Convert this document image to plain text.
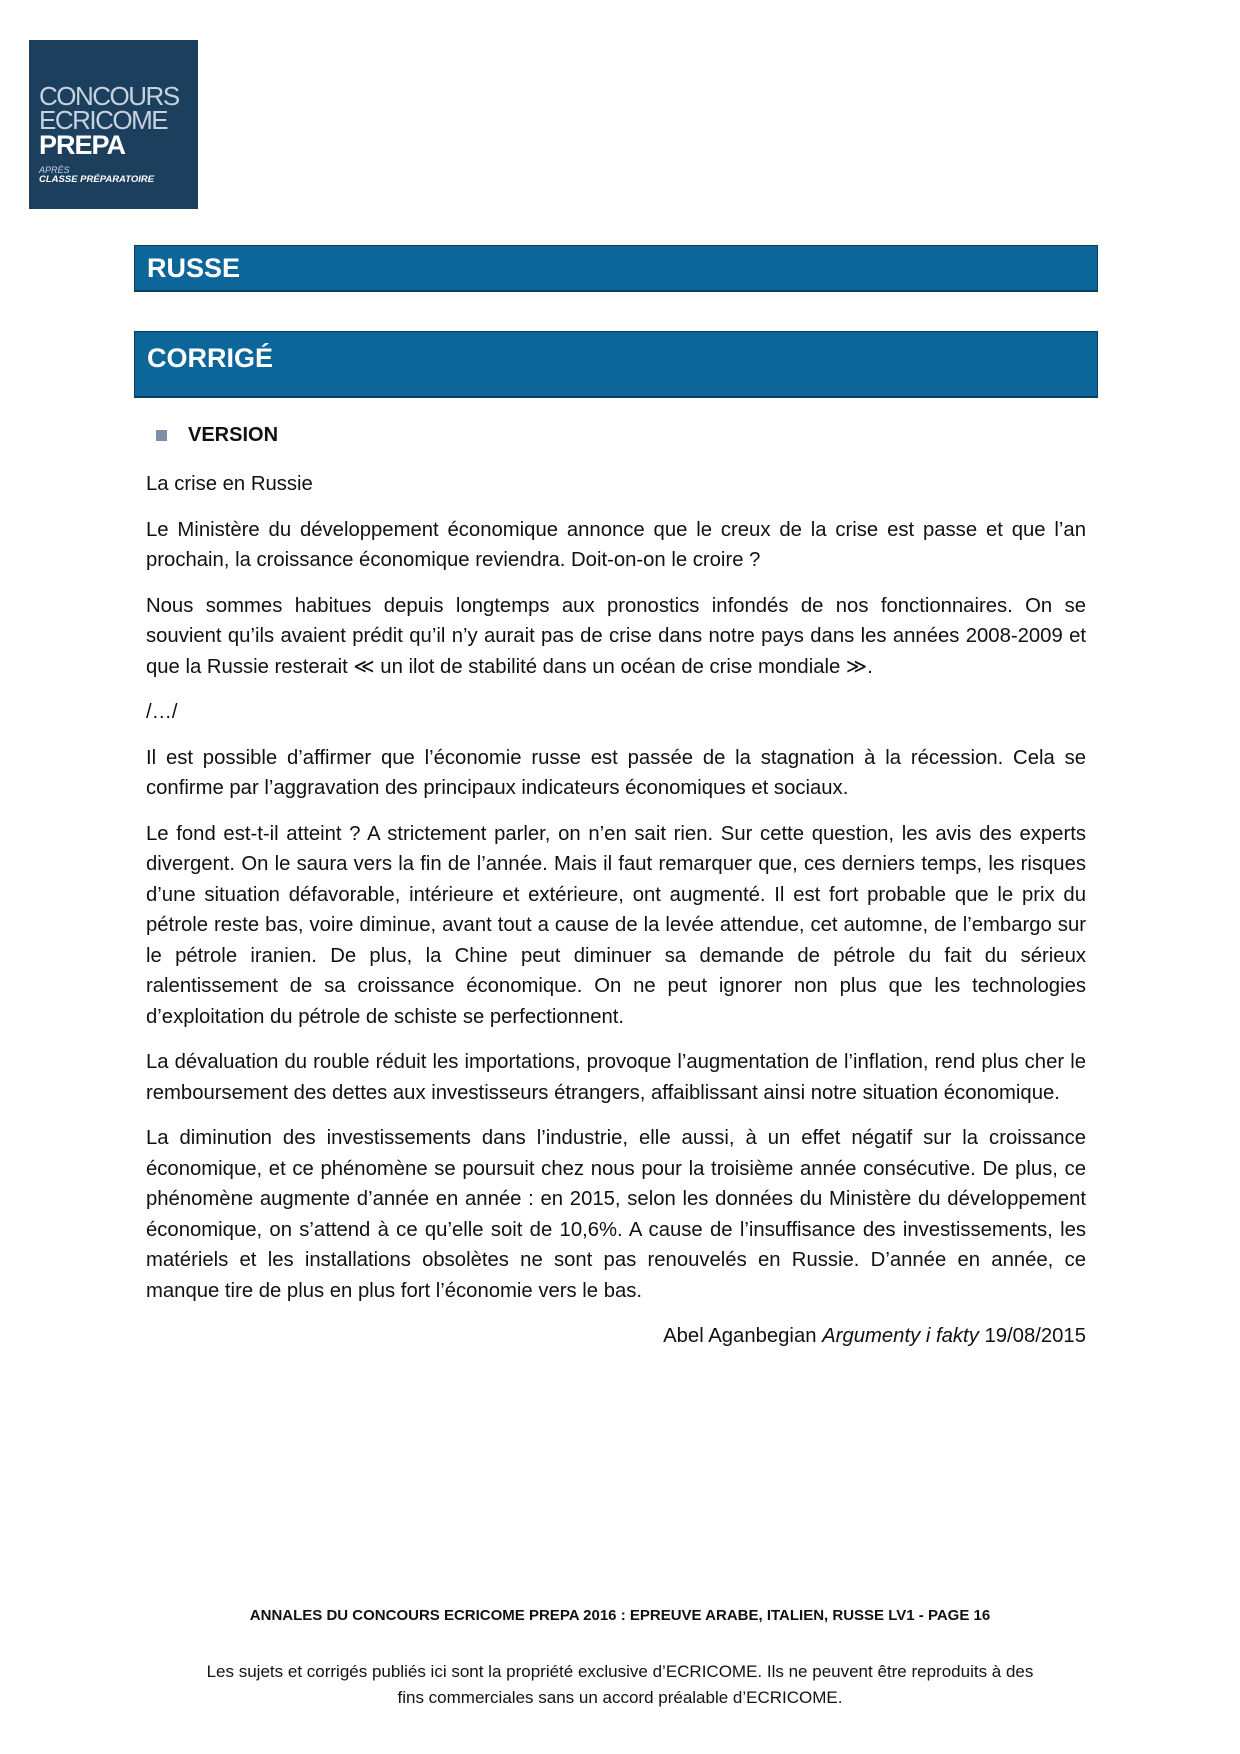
CONCOURS
ECRICOME
PREPA
APRÈS
CLASSE PRÉPARATOIRE
RUSSE
CORRIGÉ
VERSION

La crise en Russie

Le Ministère du développement économique annonce que le creux de la crise est passe et que l’an prochain, la croissance économique reviendra. Doit-on-on le croire ?

Nous sommes habitues depuis longtemps aux pronostics infondés de nos fonctionnaires. On se souvient qu’ils avaient prédit qu’il n’y aurait pas de crise dans notre pays dans les années 2008-2009 et que la Russie resterait ≪ un ilot de stabilité dans un océan de crise mondiale ≫.

/…/

Il est possible d’affirmer que l’économie russe est passée de la stagnation à la récession. Cela se confirme par l’aggravation des principaux indicateurs économiques et sociaux.

Le fond est-t-il atteint ? A strictement parler, on n’en sait rien. Sur cette question, les avis des experts divergent. On le saura vers la fin de l’année. Mais il faut remarquer que, ces derniers temps, les risques d’une situation défavorable, intérieure et extérieure, ont augmenté. Il est fort probable que le prix du pétrole reste bas, voire diminue, avant tout a cause de la levée attendue, cet automne, de l’embargo sur le pétrole iranien. De plus, la Chine peut diminuer sa demande de pétrole du fait du sérieux ralentissement de sa croissance économique. On ne peut ignorer non plus que les technologies d’exploitation du pétrole de schiste se perfectionnent.

La dévaluation du rouble réduit les importations, provoque l’augmentation de l’inflation, rend plus cher le remboursement des dettes aux investisseurs étrangers, affaiblissant ainsi notre situation économique.

La diminution des investissements dans l’industrie, elle aussi, à un effet négatif sur la croissance économique, et ce phénomène se poursuit chez nous pour la troisième année consécutive. De plus, ce phénomène augmente d’année en année : en 2015, selon les données du Ministère du développement économique, on s’attend à ce qu’elle soit de 10,6%. A cause de l’insuffisance des investissements, les matériels et les installations obsolètes ne sont pas renouvelés en Russie. D’année en année, ce manque tire de plus en plus fort l’économie vers le bas.

Abel Aganbegian Argumenty i fakty 19/08/2015

ANNALES DU CONCOURS ECRICOME PREPA 2016 : EPREUVE ARABE, ITALIEN, RUSSE LV1 - PAGE 16
Les sujets et corrigés publiés ici sont la propriété exclusive d’ECRICOME. Ils ne peuvent être reproduits à des
fins commerciales sans un accord préalable d’ECRICOME.
